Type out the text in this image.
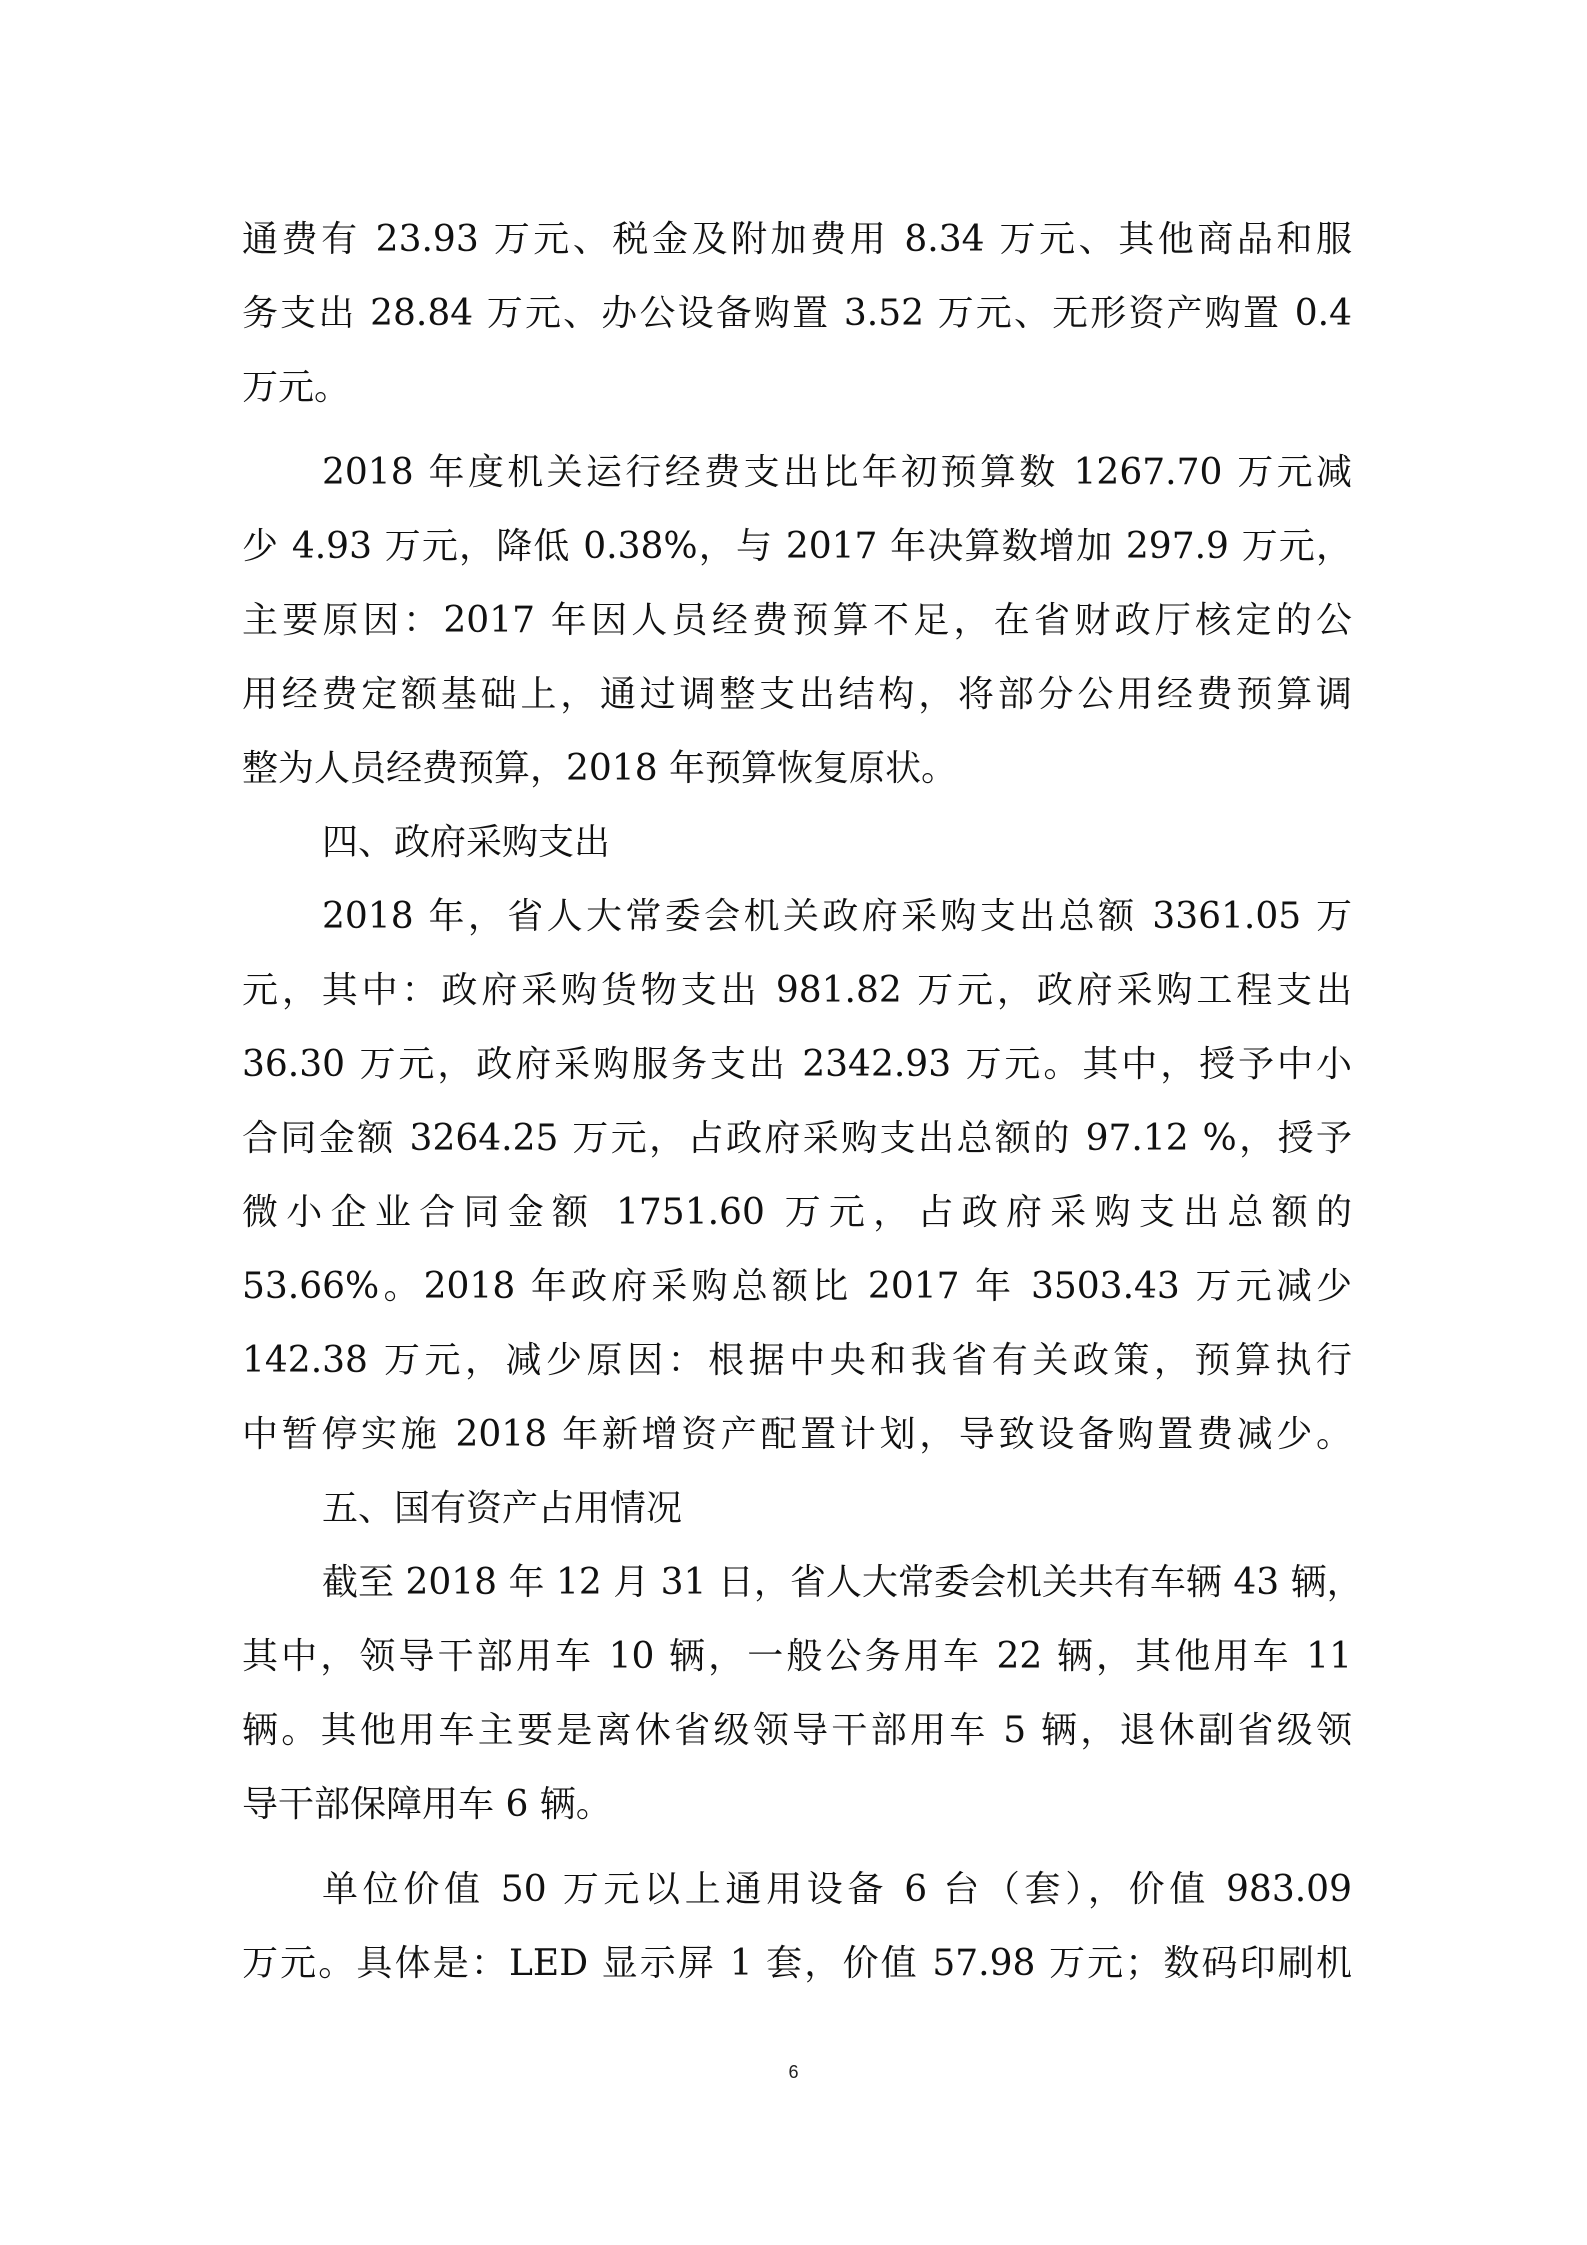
通费有 23.93 万元、税金及附加费用 8.34 万元、其他商品和服
务支出 28.84 万元、办公设备购置 3.52 万元、无形资产购置 0.4
万元。
2018 年度机关运行经费支出比年初预算数 1267.70 万元减
少 4.93 万元，降低 0.38%，与 2017 年决算数增加 297.9 万元，
主要原因：2017 年因人员经费预算不足，在省财政厅核定的公
用经费定额基础上，通过调整支出结构，将部分公用经费预算调
整为人员经费预算，2018 年预算恢复原状。
四、政府采购支出
2018 年，省人大常委会机关政府采购支出总额 3361.05 万
元，其中：政府采购货物支出 981.82 万元，政府采购工程支出
36.30 万元，政府采购服务支出 2342.93 万元。其中，授予中小
合同金额 3264.25 万元，占政府采购支出总额的 97.12 %，授予
微小企业合同金额 1751.60 万元，占政府采购支出总额的
53.66%。2018 年政府采购总额比 2017 年 3503.43 万元减少
142.38 万元，减少原因：根据中央和我省有关政策，预算执行
中暂停实施 2018 年新增资产配置计划，导致设备购置费减少。
五、国有资产占用情况
截至 2018 年 12 月 31 日，省人大常委会机关共有车辆 43 辆，
其中，领导干部用车 10 辆，一般公务用车 22 辆，其他用车 11
辆。其他用车主要是离休省级领导干部用车 5 辆，退休副省级领
导干部保障用车 6 辆。
单位价值 50 万元以上通用设备 6 台（套），价值 983.09
万元。具体是：LED 显示屏 1 套，价值 57.98 万元；数码印刷机
6
